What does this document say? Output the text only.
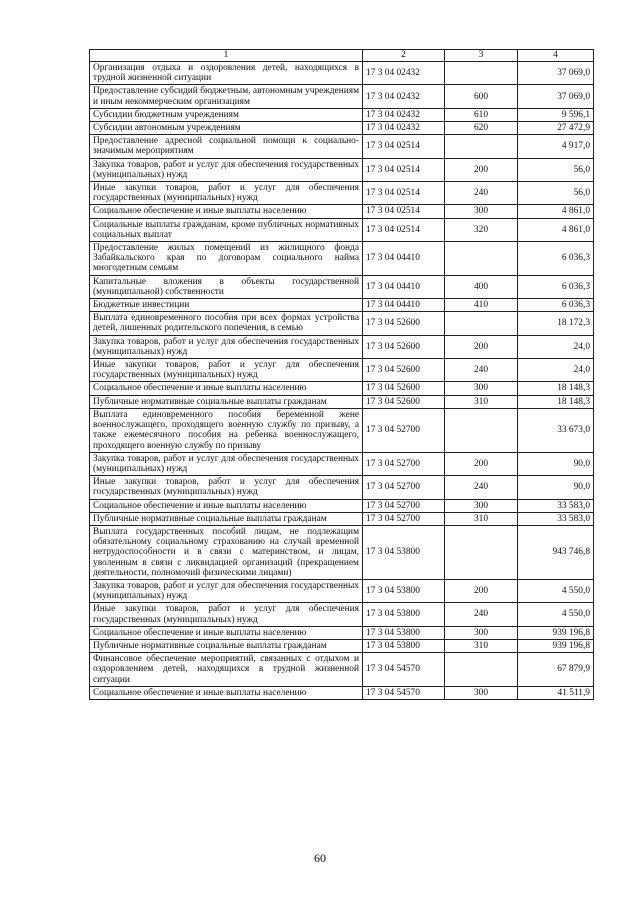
1	2	3	4
Организация отдыха и оздоровления детей, находящихся в трудной жизненной ситуации	17 3 04 02432		37 069,0
Предоставление субсидий бюджетным, автономным учреждениям и иным некоммерческим организациям	17 3 04 02432	600	37 069,0
Субсидии бюджетным учреждениям	17 3 04 02432	610	9 596,1
Субсидии автономным учреждениям	17 3 04 02432	620	27 472,9
Предоставление адресной социальной помощи к социально-значимым мероприятиям	17 3 04 02514		4 917,0
Закупка товаров, работ и услуг для обеспечения государственных (муниципальных) нужд	17 3 04 02514	200	56,0
Иные закупки товаров, работ и услуг для обеспечения государственных (муниципальных) нужд	17 3 04 02514	240	56,0
Социальное обеспечение и иные выплаты населению	17 3 04 02514	300	4 861,0
Социальные выплаты гражданам, кроме публичных нормативных социальных выплат	17 3 04 02514	320	4 861,0
Предоставление жилых помещений из жилищного фонда Забайкальского края по договорам социального найма многодетным семьям	17 3 04 04410		6 036,3
Капитальные вложения в объекты государственной (муниципальной) собственности	17 3 04 04410	400	6 036,3
Бюджетные инвестиции	17 3 04 04410	410	6 036,3
Выплата единовременного пособия при всех формах устройства детей, лишенных родительского попечения, в семью	17 3 04 52600		18 172,3
Закупка товаров, работ и услуг для обеспечения государственных (муниципальных) нужд	17 3 04 52600	200	24,0
Иные закупки товаров, работ и услуг для обеспечения государственных (муниципальных) нужд	17 3 04 52600	240	24,0
Социальное обеспечение и иные выплаты населению	17 3 04 52600	300	18 148,3
Публичные нормативные социальные выплаты гражданам	17 3 04 52600	310	18 148,3
Выплата единовременного пособия беременной жене военнослужащего, проходящего военную службу по призыву, а также ежемесячного пособия на ребенка военнослужащего, проходящего военную службу по призыву	17 3 04 52700		33 673,0
Закупка товаров, работ и услуг для обеспечения государственных (муниципальных) нужд	17 3 04 52700	200	90,0
Иные закупки товаров, работ и услуг для обеспечения государственных (муниципальных) нужд	17 3 04 52700	240	90,0
Социальное обеспечение и иные выплаты населению	17 3 04 52700	300	33 583,0
Публичные нормативные социальные выплаты гражданам	17 3 04 52700	310	33 583,0
Выплата государственных пособий лицам, не подлежащим обязательному социальному страхованию на случай временной нетрудоспособности и в связи с материнством, и лицам, уволенным в связи с ликвидацией организаций (прекращением деятельности, полномочий физическими лицами)	17 3 04 53800		943 746,8
Закупка товаров, работ и услуг для обеспечения государственных (муниципальных) нужд	17 3 04 53800	200	4 550,0
Иные закупки товаров, работ и услуг для обеспечения государственных (муниципальных) нужд	17 3 04 53800	240	4 550,0
Социальное обеспечение и иные выплаты населению	17 3 04 53800	300	939 196,8
Публичные нормативные социальные выплаты гражданам	17 3 04 53800	310	939 196,8
Финансовое обеспечение мероприятий, связанных с отдыхом и оздоровлением детей, находящихся в трудной жизненной ситуации	17 3 04 54570		67 879,9
Социальное обеспечение и иные выплаты населению	17 3 04 54570	300	41 511,9
60
